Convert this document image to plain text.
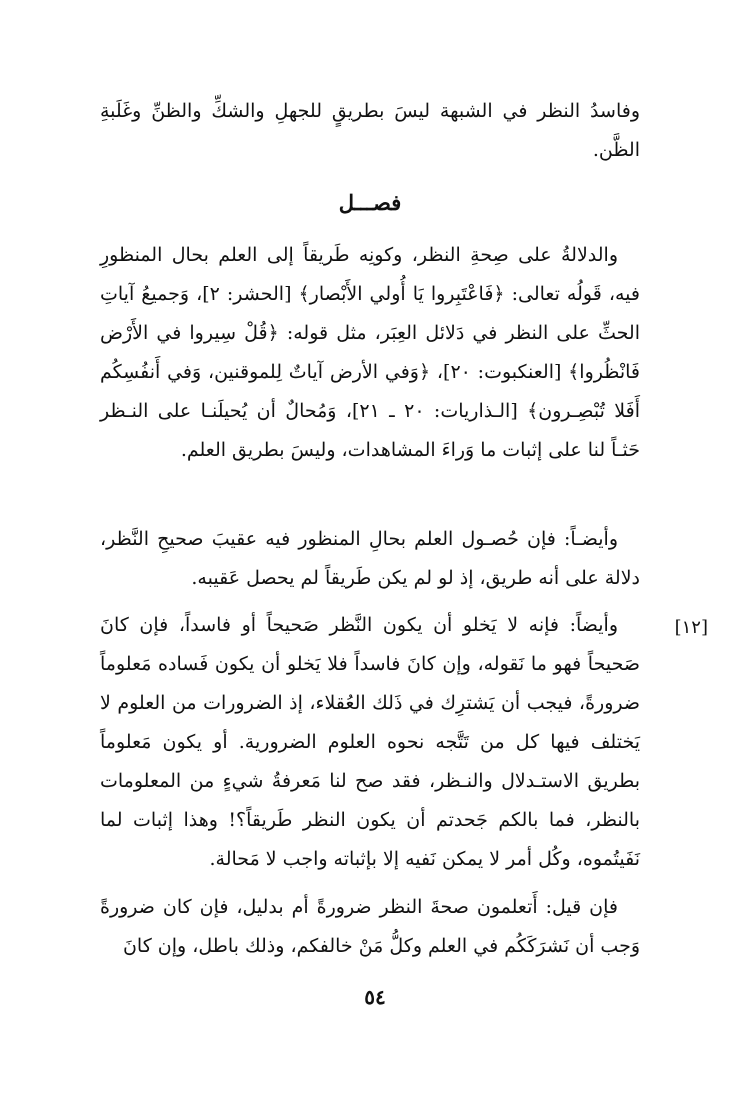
وفاسدُ النظر في الشبهة ليسَ بطريقٍ للجهلِ والشكِّ والظنِّ وغَلَبةِ الظَّن.
فصـــل
والدلالةُ على صِحةِ النظر، وكونِه طَريقاً إلى العلم بحال المنظورِ فيه، قَولُه تعالى: ﴿فَاعْتَبِروا يَا أُولي الأَبْصار﴾ [الحشر: ٢]، وَجميعُ آياتِ الحثِّ على النظر في دَلائل العِبَر، مثل قوله: ﴿قُلْ سِيروا في الأَرْض فَانْظُروا﴾ [العنكبوت: ٢٠]، ﴿وَفي الأرض آياتٌ لِلموقنين، وَفي أَنفُسِكُم أَفَلا تُبْصِـرون﴾ [الـذاريات: ٢٠ ـ ٢١]، وَمُحالٌ أن يُحيلَنـا على النـظر حَثـاً لنا على إثبات ما وَراءَ المشاهدات، وليسَ بطريق العلم.
وأيضـاً: فإن حُصـول العلم بحالِ المنظور فيه عقيبَ صحيحِ النَّظر، دلالة على أنه طريق، إذ لو لم يكن طَريقاً لم يحصل عَقيبه.
[١٢]
وأيضاً: فإنه لا يَخلو أن يكون النَّظر صَحيحاً أو فاسداً، فإن كانَ صَحيحاً فهو ما نَقوله، وإن كانَ فاسداً فلا يَخلو أن يكون فَساده مَعلوماً ضرورةً، فيجب أن يَشترِك في ذَلك العُقلاء، إذ الضرورات من العلوم لا يَختلف فيها كل من تَتَّجه نحوه العلوم الضرورية. أو يكون مَعلوماً بطريق الاستـدلال والنـظر، فقد صح لنا مَعرفةُ شيءٍ من المعلومات بالنظر، فما بالكم جَحدتم أن يكون النظر طَريقاً؟! وهذا إثبات لما نَفَيتُموه، وكُل أمر لا يمكن نَفيه إلا بإثباته واجب لا مَحالة.
فإن قيل: أَتعلمون صحةَ النظر ضرورةً أم بدليل، فإن كان ضرورةً وَجب أن نَشرَكَكُم في العلم وكلُّ مَنْ خالفكم، وذلك باطل، وإن كانَ
٥٤
